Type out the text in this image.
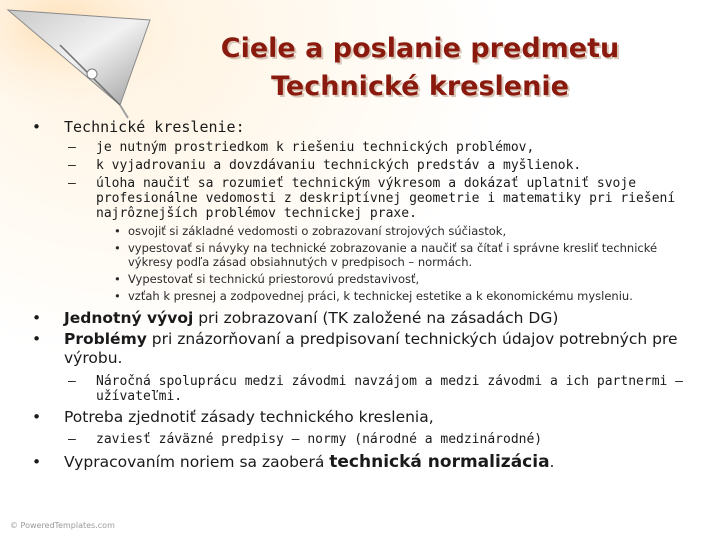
Ciele a poslanie predmetu
Technické kreslenie

• Technické kreslenie:

– je nutným prostriedkom k riešeniu technických problémov,

– k vyjadrovaniu a dovzdávaniu technických predstáv a myšlienok.

– úloha naučiť sa rozumieť technickým výkresom a dokázať uplatniť svoje profesionálne vedomosti z deskriptívnej geometrie i matematiky pri riešení najrôznejších problémov technickej praxe.

• osvojiť si základné vedomosti o zobrazovaní strojových súčiastok,

• vypestovať si návyky na technické zobrazovanie a naučiť sa čítať i správne kresliť technické výkresy podľa zásad obsiahnutých v predpisoch – normách.

• Vypestovať si technickú priestorovú predstavivosť,

• vzťah k presnej a zodpovednej práci, k technickej estetike a k ekonomickému mysleniu.

• Jednotný vývoj pri zobrazovaní (TK založené na zásadách DG)

• Problémy pri znázorňovaní a predpisovaní technických údajov potrebných pre výrobu.

– Náročná spoluprácu medzi závodmi navzájom a medzi závodmi a ich partnermi – užívateľmi.

• Potreba zjednotiť zásady technického kreslenia,

– zaviesť záväzné predpisy – normy (národné a medzinárodné)

• Vypracovaním noriem sa zaoberá technická normalizácia.

© PoweredTemplates.com
